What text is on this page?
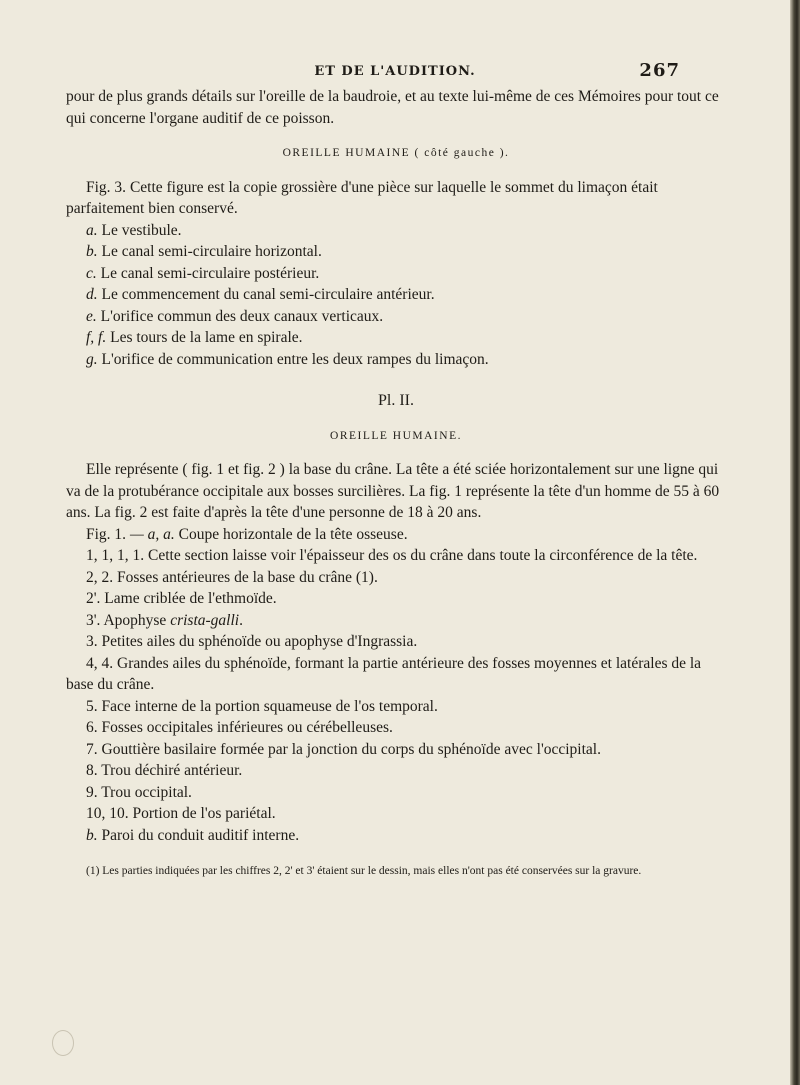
ET DE L'AUDITION.	267

pour de plus grands détails sur l'oreille de la baudroie, et au texte lui-même de ces Mémoires pour tout ce qui concerne l'organe auditif de ce poisson.

OREILLE HUMAINE ( côté gauche ).

Fig. 3. Cette figure est la copie grossière d'une pièce sur laquelle le sommet du limaçon était parfaitement bien conservé.

a. Le vestibule.

b. Le canal semi-circulaire horizontal.

c. Le canal semi-circulaire postérieur.

d. Le commencement du canal semi-circulaire antérieur.

e. L'orifice commun des deux canaux verticaux.

f, f. Les tours de la lame en spirale.

g. L'orifice de communication entre les deux rampes du limaçon.

Pl. II.

OREILLE HUMAINE.

Elle représente ( fig. 1 et fig. 2 ) la base du crâne. La tête a été sciée horizontalement sur une ligne qui va de la protubérance occipitale aux bosses surcilières. La fig. 1 représente la tête d'un homme de 55 à 60 ans. La fig. 2 est faite d'après la tête d'une personne de 18 à 20 ans.

Fig. 1. — a, a. Coupe horizontale de la tête osseuse.

1, 1, 1, 1. Cette section laisse voir l'épaisseur des os du crâne dans toute la circonférence de la tête.

2, 2. Fosses antérieures de la base du crâne (1).

2'. Lame criblée de l'ethmoïde.

3'. Apophyse crista-galli.

3. Petites ailes du sphénoïde ou apophyse d'Ingrassia.

4, 4. Grandes ailes du sphénoïde, formant la partie antérieure des fosses moyennes et latérales de la base du crâne.

5. Face interne de la portion squameuse de l'os temporal.

6. Fosses occipitales inférieures ou cérébelleuses.

7. Gouttière basilaire formée par la jonction du corps du sphénoïde avec l'occipital.

8. Trou déchiré antérieur.

9. Trou occipital.

10, 10. Portion de l'os pariétal.

b. Paroi du conduit auditif interne.

(1) Les parties indiquées par les chiffres 2, 2' et 3' étaient sur le dessin, mais elles n'ont pas été conservées sur la gravure.
